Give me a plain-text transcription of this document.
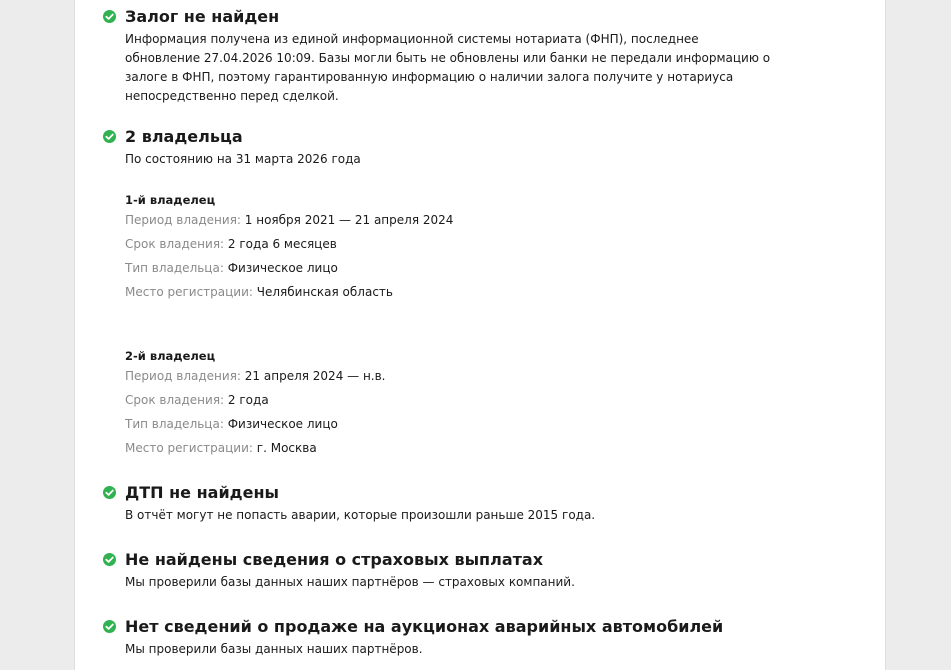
Залог не найден
Информация получена из единой информационной системы нотариата (ФНП), последнее
обновление 27.04.2026 10:09. Базы могли быть не обновлены или банки не передали информацию о
залоге в ФНП, поэтому гарантированную информацию о наличии залога получите у нотариуса
непосредственно перед сделкой.
2 владельца
По состоянию на 31 марта 2026 года
1-й владелец
Период владения: 1 ноября 2021 — 21 апреля 2024
Срок владения: 2 года 6 месяцев
Тип владельца: Физическое лицо
Место регистрации: Челябинская область
2-й владелец
Период владения: 21 апреля 2024 — н.в.
Срок владения: 2 года
Тип владельца: Физическое лицо
Место регистрации: г. Москва
ДТП не найдены
В отчёт могут не попасть аварии, которые произошли раньше 2015 года.
Не найдены сведения о страховых выплатах
Мы проверили базы данных наших партнёров — страховых компаний.
Нет сведений о продаже на аукционах аварийных автомобилей
Мы проверили базы данных наших партнёров.
